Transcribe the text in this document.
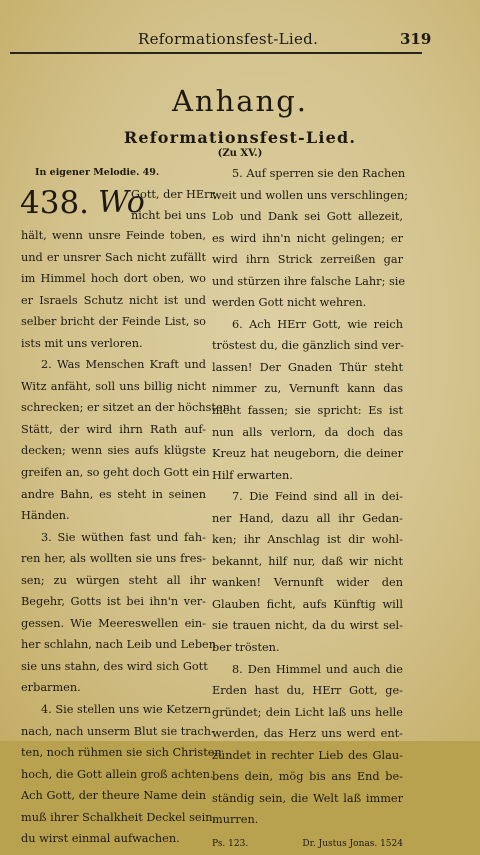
Reformationsfest-Lied.	319
Anhang.
Reformationsfest-Lied.
(Zu XV.)
In eigener Melodie. 49.
438. Wo
Gott, der HErr,
nicht bei uns
hält, wenn unsre Feinde toben,
und er unsrer Sach nicht zufällt
im Himmel hoch dort oben, wo
er Israels Schutz nicht ist und
selber bricht der Feinde List, so
ists mit uns verloren.
2. Was Menschen Kraft und
Witz anfäht, soll uns billig nicht
schrecken; er sitzet an der höchsten
Stätt, der wird ihrn Rath auf-
decken; wenn sies aufs klügste
greifen an, so geht doch Gott ein
andre Bahn, es steht in seinen
Händen.
3. Sie wüthen fast und fah-
ren her, als wollten sie uns fres-
sen; zu würgen steht all ihr
Begehr, Gotts ist bei ihn'n ver-
gessen. Wie Meereswellen ein-
her schlahn, nach Leib und Leben
sie uns stahn, des wird sich Gott
erbarmen.
4. Sie stellen uns wie Ketzern
nach, nach unserm Blut sie trach-
ten, noch rühmen sie sich Christen
hoch, die Gott allein groß achten.
Ach Gott, der theure Name dein
muß ihrer Schalkheit Deckel sein,
du wirst einmal aufwachen.
5. Auf sperren sie den Rachen
weit und wollen uns verschlingen;
Lob und Dank sei Gott allezeit,
es wird ihn'n nicht gelingen; er
wird ihrn Strick zerreißen gar
und stürzen ihre falsche Lahr; sie
werden Gott nicht wehren.
6. Ach HErr Gott, wie reich
tröstest du, die gänzlich sind ver-
lassen! Der Gnaden Thür steht
nimmer zu, Vernunft kann das
nicht fassen; sie spricht: Es ist
nun alls verlorn, da doch das
Kreuz hat neugeborn, die deiner
Hilf erwarten.
7. Die Feind sind all in dei-
ner Hand, dazu all ihr Gedan-
ken; ihr Anschlag ist dir wohl-
bekannt, hilf nur, daß wir nicht
wanken! Vernunft wider den
Glauben ficht, aufs Künftig will
sie trauen nicht, da du wirst sel-
ber trösten.
8. Den Himmel und auch die
Erden hast du, HErr Gott, ge-
gründet; dein Licht laß uns helle
werden, das Herz uns werd ent-
zündet in rechter Lieb des Glau-
bens dein, mög bis ans End be-
ständig sein, die Welt laß immer
murren.
Ps. 123.	Dr. Justus Jonas. 1524
